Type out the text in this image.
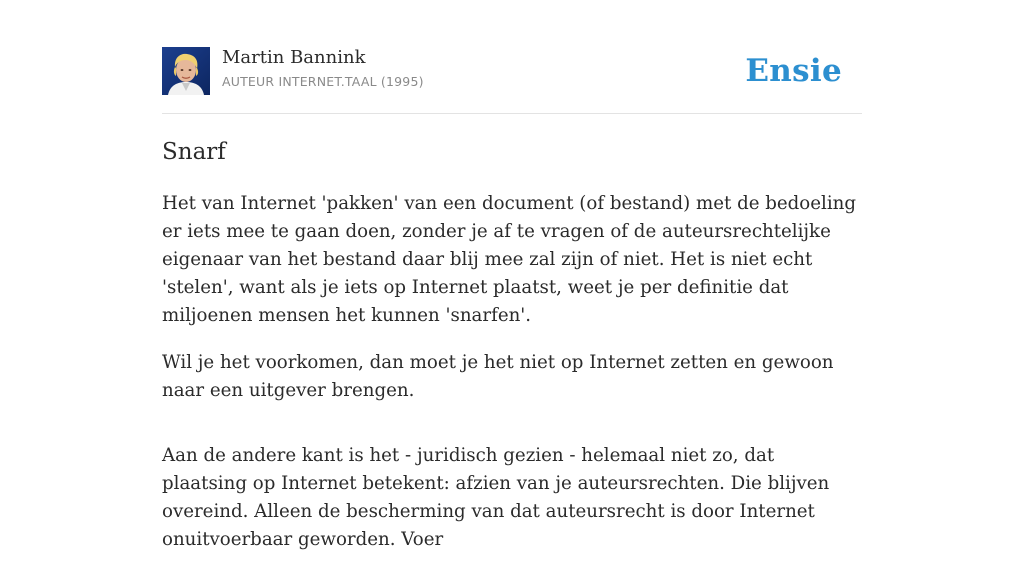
Martin Bannink
AUTEUR INTERNET.TAAL (1995)	Ensie
Snarf

Het van Internet 'pakken' van een document (of bestand) met de bedoeling er iets mee te gaan doen, zonder je af te vragen of de auteursrechtelijke eigenaar van het bestand daar blij mee zal zijn of niet. Het is niet echt 'stelen', want als je iets op Internet plaatst, weet je per definitie dat miljoenen mensen het kunnen 'snarfen'.

Wil je het voorkomen, dan moet je het niet op Internet zetten en gewoon naar een uitgever brengen.

Aan de andere kant is het - juridisch gezien - helemaal niet zo, dat plaatsing op Internet betekent: afzien van je auteursrechten. Die blijven overeind. Alleen de bescherming van dat auteursrecht is door Internet onuitvoerbaar geworden. Voer
